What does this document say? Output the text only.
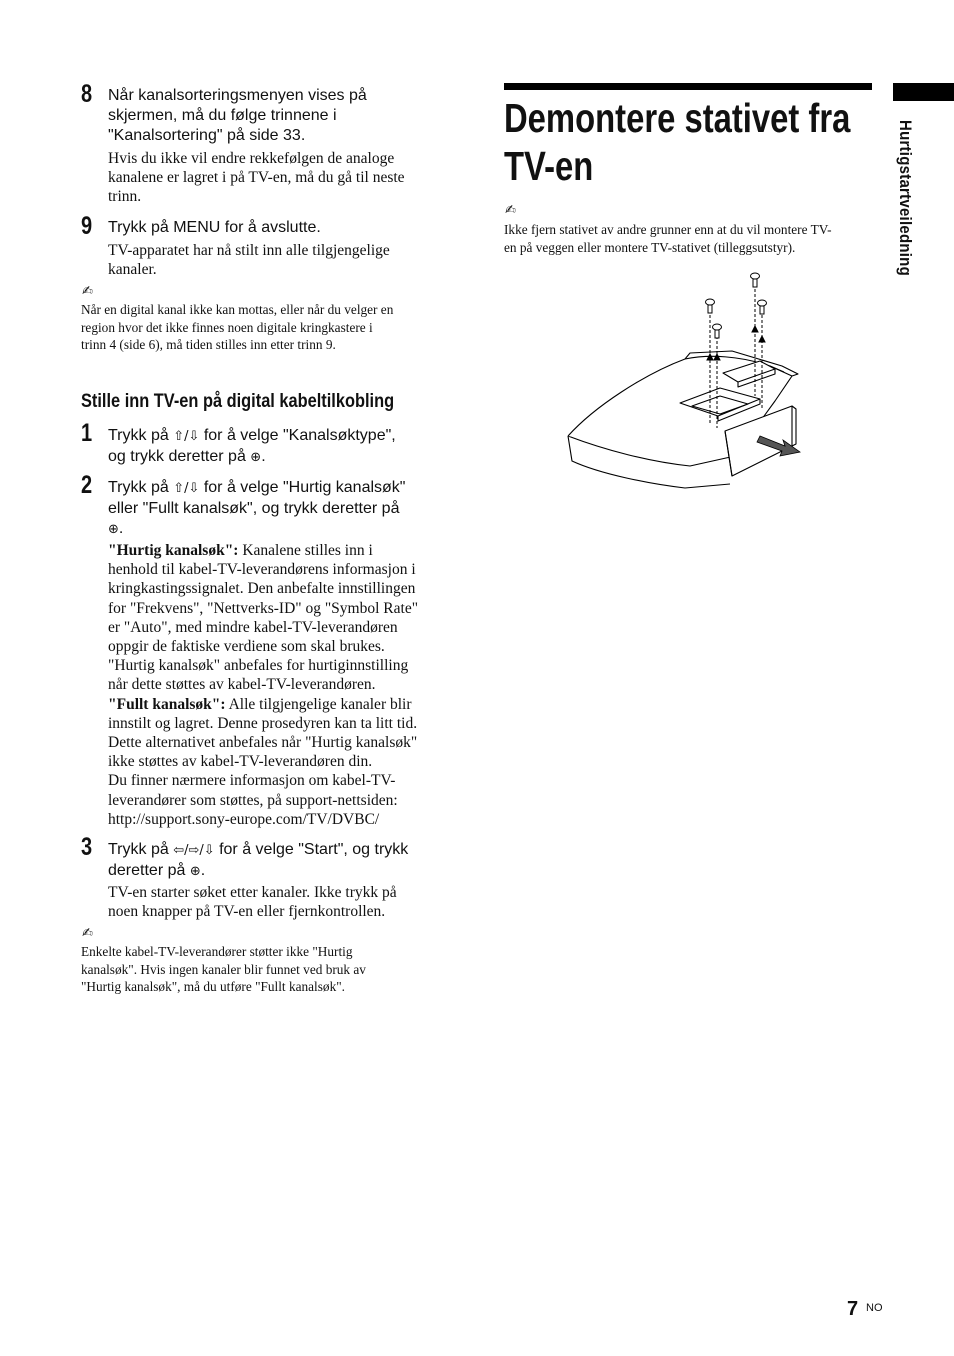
8 Når kanalsorteringsmenyen vises på
skjermen, må du følge trinnene i
"Kanalsortering" på side 33.
Hvis du ikke vil endre rekkefølgen de analoge
kanalene er lagret i på TV-en, må du gå til neste
trinn.
9 Trykk på MENU for å avslutte.
TV-apparatet har nå stilt inn alle tilgjengelige
kanaler.
✍
Når en digital kanal ikke kan mottas, eller når du velger en
region hvor det ikke finnes noen digitale kringkastere i
trinn 4 (side 6), må tiden stilles inn etter trinn 9.
Stille inn TV-en på digital kabeltilkobling
1 Trykk på ⇧/⇩ for å velge "Kanalsøktype",
og trykk deretter på ⊕.
2 Trykk på ⇧/⇩ for å velge "Hurtig kanalsøk"
eller "Fullt kanalsøk", og trykk deretter på
⊕.
"Hurtig kanalsøk": Kanalene stilles inn i
henhold til kabel-TV-leverandørens informasjon i
kringkastingssignalet. Den anbefalte innstillingen
for "Frekvens", "Nettverks-ID" og "Symbol Rate"
er "Auto", med mindre kabel-TV-leverandøren
oppgir de faktiske verdiene som skal brukes.
"Hurtig kanalsøk" anbefales for hurtiginnstilling
når dette støttes av kabel-TV-leverandøren.
"Fullt kanalsøk": Alle tilgjengelige kanaler blir
innstilt og lagret. Denne prosedyren kan ta litt tid.
Dette alternativet anbefales når "Hurtig kanalsøk"
ikke støttes av kabel-TV-leverandøren din.
Du finner nærmere informasjon om kabel-TV-
leverandører som støttes, på support-nettsiden:
http://support.sony-europe.com/TV/DVBC/
3 Trykk på ⇦/⇨/⇩ for å velge "Start", og trykk
deretter på ⊕.
TV-en starter søket etter kanaler. Ikke trykk på
noen knapper på TV-en eller fjernkontrollen.
✍
Enkelte kabel-TV-leverandører støtter ikke "Hurtig
kanalsøk". Hvis ingen kanaler blir funnet ved bruk av
"Hurtig kanalsøk", må du utføre "Fullt kanalsøk".
Demontere stativet fra
TV-en
✍
Ikke fjern stativet av andre grunner enn at du vil montere TV-
en på veggen eller montere TV-stativet (tilleggsutstyr).	Hurtigstartveiledning
7 NO
